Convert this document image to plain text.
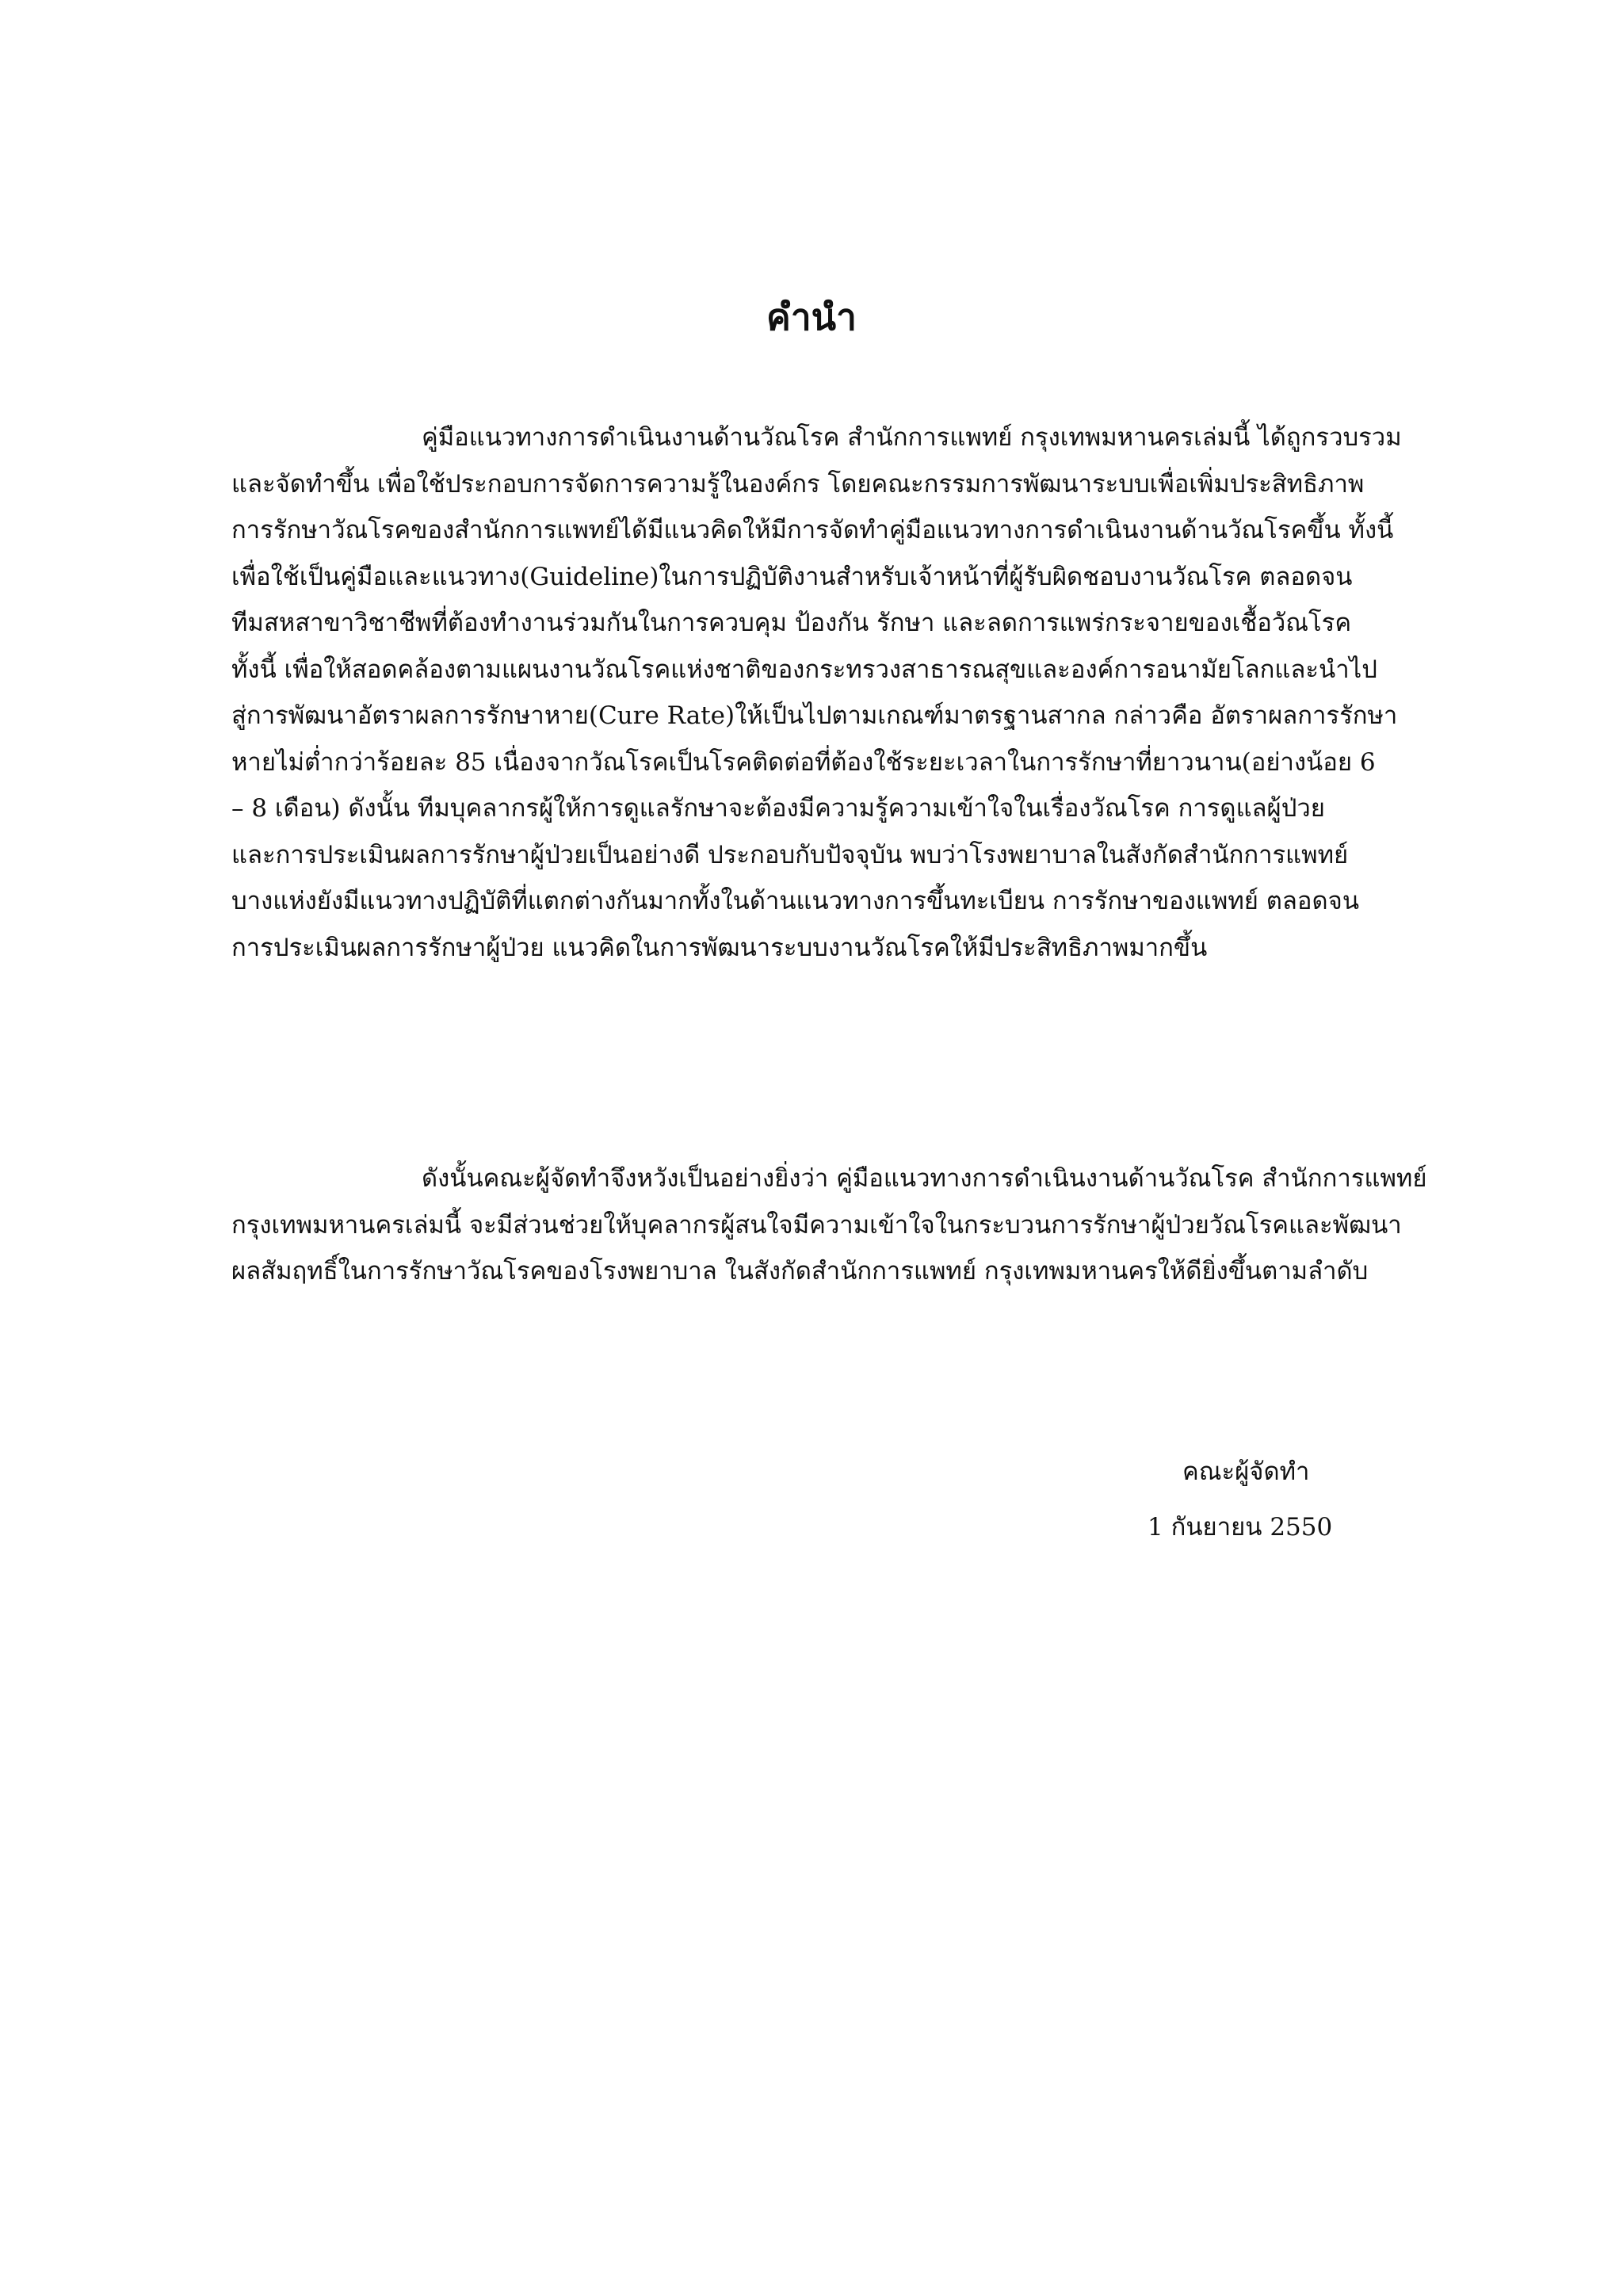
คำนำ
คู่มือแนวทางการดำเนินงานด้านวัณโรค สำนักการแพทย์ กรุงเทพมหานครเล่มนี้ ได้ถูกรวบรวม
และจัดทำขึ้น เพื่อใช้ประกอบการจัดการความรู้ในองค์กร โดยคณะกรรมการพัฒนาระบบเพื่อเพิ่มประสิทธิภาพ
การรักษาวัณโรคของสำนักการแพทย์ได้มีแนวคิดให้มีการจัดทำคู่มือแนวทางการดำเนินงานด้านวัณโรคขึ้น ทั้งนี้
เพื่อใช้เป็นคู่มือและแนวทาง(Guideline)ในการปฏิบัติงานสำหรับเจ้าหน้าที่ผู้รับผิดชอบงานวัณโรค ตลอดจน
ทีมสหสาขาวิชาชีพที่ต้องทำงานร่วมกันในการควบคุม ป้องกัน รักษา และลดการแพร่กระจายของเชื้อวัณโรค
ทั้งนี้ เพื่อให้สอดคล้องตามแผนงานวัณโรคแห่งชาติของกระทรวงสาธารณสุขและองค์การอนามัยโลกและนำไป
สู่การพัฒนาอัตราผลการรักษาหาย(Cure Rate)ให้เป็นไปตามเกณฑ์มาตรฐานสากล กล่าวคือ อัตราผลการรักษา
หายไม่ต่ำกว่าร้อยละ 85 เนื่องจากวัณโรคเป็นโรคติดต่อที่ต้องใช้ระยะเวลาในการรักษาที่ยาวนาน(อย่างน้อย 6
– 8 เดือน) ดังนั้น ทีมบุคลากรผู้ให้การดูแลรักษาจะต้องมีความรู้ความเข้าใจในเรื่องวัณโรค การดูแลผู้ป่วย
และการประเมินผลการรักษาผู้ป่วยเป็นอย่างดี ประกอบกับปัจจุบัน พบว่าโรงพยาบาลในสังกัดสำนักการแพทย์
บางแห่งยังมีแนวทางปฏิบัติที่แตกต่างกันมากทั้งในด้านแนวทางการขึ้นทะเบียน การรักษาของแพทย์ ตลอดจน
การประเมินผลการรักษาผู้ป่วย แนวคิดในการพัฒนาระบบงานวัณโรคให้มีประสิทธิภาพมากขึ้น
ดังนั้นคณะผู้จัดทำจึงหวังเป็นอย่างยิ่งว่า คู่มือแนวทางการดำเนินงานด้านวัณโรค สำนักการแพทย์
กรุงเทพมหานครเล่มนี้ จะมีส่วนช่วยให้บุคลากรผู้สนใจมีความเข้าใจในกระบวนการรักษาผู้ป่วยวัณโรคและพัฒนา
ผลสัมฤทธิ์ในการรักษาวัณโรคของโรงพยาบาล ในสังกัดสำนักการแพทย์ กรุงเทพมหานครให้ดียิ่งขึ้นตามลำดับ
คณะผู้จัดทำ
1 กันยายน 2550
